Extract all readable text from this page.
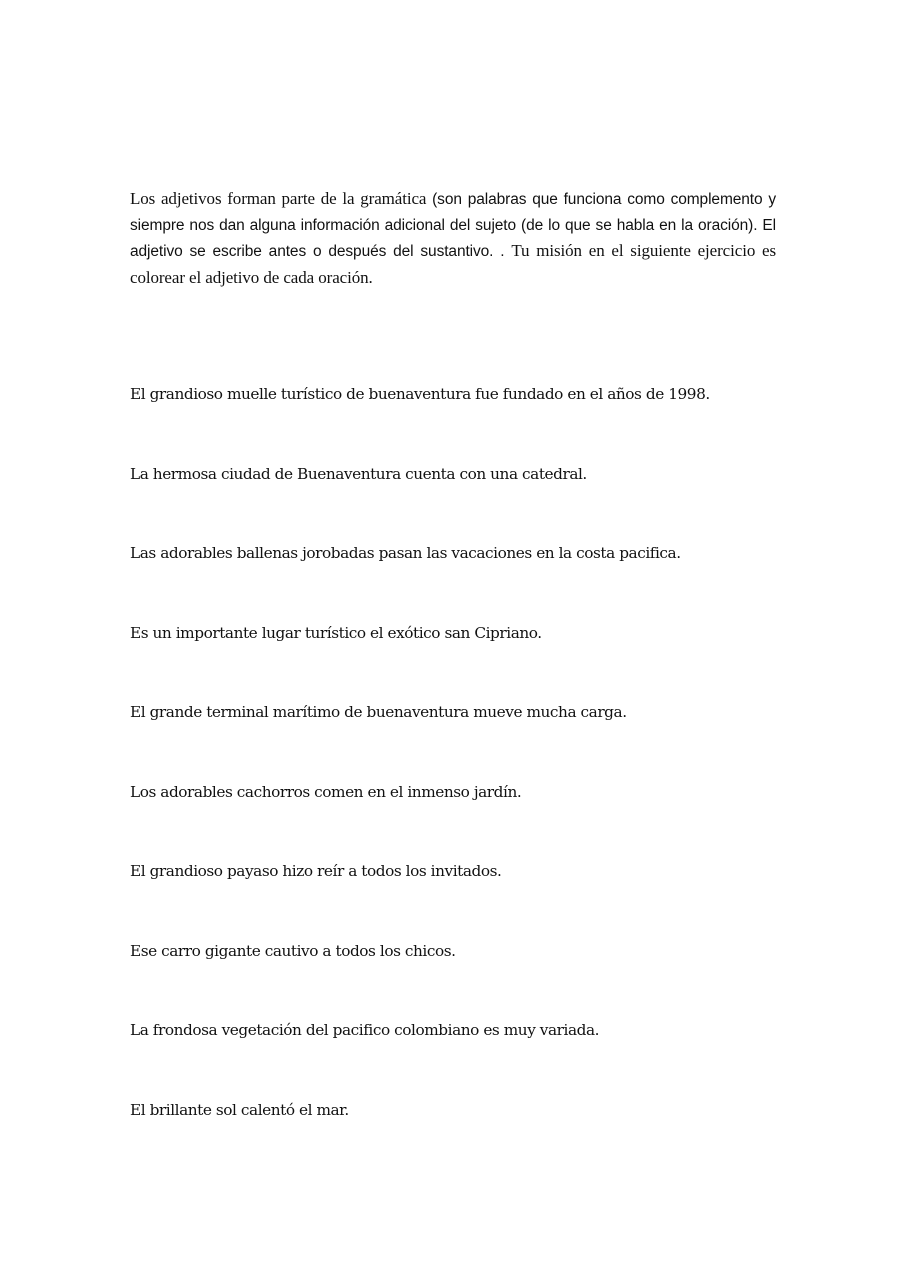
Los adjetivos forman parte de la gramática (son palabras que funciona como complemento y siempre nos dan alguna información adicional del sujeto (de lo que se habla en la oración). El adjetivo se escribe antes o después del sustantivo. . Tu misión en el siguiente ejercicio es colorear el adjetivo de cada oración.

El grandioso muelle turístico de buenaventura fue fundado en el años de 1998.
La hermosa ciudad de Buenaventura cuenta con una catedral.
Las adorables ballenas jorobadas pasan las vacaciones en la costa pacifica.
Es un importante lugar turístico el exótico san Cipriano.
El grande terminal marítimo de buenaventura mueve mucha carga.
Los adorables cachorros comen en el inmenso jardín.
El grandioso payaso hizo reír a todos los invitados.
Ese carro gigante cautivo a todos los chicos.
La frondosa vegetación del pacifico colombiano es muy variada.
El brillante sol calentó el mar.
